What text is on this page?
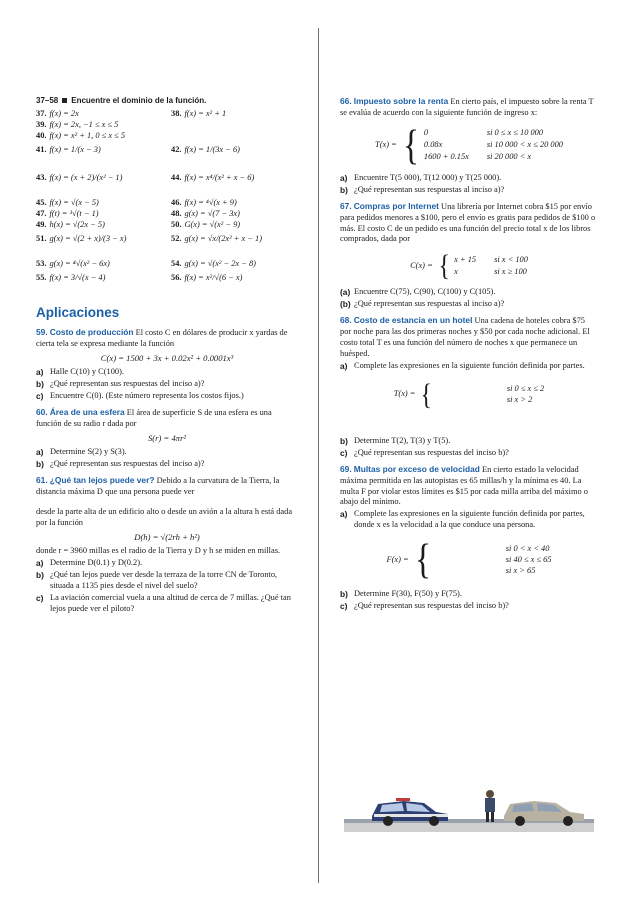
37–58 Encuentre el dominio de la función.

37. f(x) = 2x	38. f(x) = x² + 1
39. f(x) = 2x, −1 ≤ x ≤ 5
40. f(x) = x² + 1, 0 ≤ x ≤ 5
41. f(x) = 1/(x − 3)	42. f(x) = 1/(3x − 6)
43. f(x) = (x + 2)/(x² − 1)	44. f(x) = x⁴/(x² + x − 6)
45. f(x) = √(x − 5)	46. f(x) = ⁴√(x + 9)
47. f(t) = ³√(t − 1)	48. g(x) = √(7 − 3x)
49. h(x) = √(2x − 5)	50. G(x) = √(x² − 9)
51. g(x) = √(2 + x)/(3 − x)	52. g(x) = √x/(2x² + x − 1)
53. g(x) = ⁴√(x² − 6x)	54. g(x) = √(x² − 2x − 8)
55. f(x) = 3/√(x − 4)	56. f(x) = x²/√(6 − x)
Aplicaciones

59. Costo de producción El costo C en dólares de producir x yardas de cierta tela se expresa mediante la función

C(x) = 1500 + 3x + 0.02x² + 0.0001x³
a) Halle C(10) y C(100).
b) ¿Qué representan sus respuestas del inciso a)?
c) Encuentre C(0). (Este número representa los costos fijos.)

60. Área de una esfera El área de superficie S de una esfera es una función de su radio r dada por

S(r) = 4πr²
a) Determine S(2) y S(3).
b) ¿Qué representan sus respuestas del inciso a)?

61. ¿Qué tan lejos puede ver? Debido a la curvatura de la Tierra, la distancia máxima D que una persona puede ver

desde la parte alta de un edificio alto o desde un avión a la altura h está dada por la función

D(h) = √(2rh + h²)

donde r = 3960 millas es el radio de la Tierra y D y h se miden en millas.

a) Determine D(0.1) y D(0.2).
b) ¿Qué tan lejos puede ver desde la terraza de la torre CN de Toronto, situada a 1135 pies desde el nivel del suelo?
c) La aviación comercial vuela a una altitud de cerca de 7 millas. ¿Qué tan lejos puede ver el piloto?

66. Impuesto sobre la renta En cierto país, el impuesto sobre la renta T se evalúa de acuerdo con la siguiente función de ingreso x:

T(x) = { 0	si 0 ≤ x ≤ 10 000
0.08x	si 10 000 < x ≤ 20 000
1600 + 0.15x si 20 000 < x
a) Encuentre T(5 000), T(12 000) y T(25 000).
b) ¿Qué representan sus respuestas al inciso a)?

67. Compras por Internet Una librería por Internet cobra $15 por envío para pedidos menores a $100, pero el envío es gratis para pedidos de $100 o más. El costo C de un pedido es una función del precio total x de los libros comprados, dada por

C(x) = { x + 15 si x < 100
x	si x ≥ 100
(a) Encuentre C(75), C(90), C(100) y C(105).
(b) ¿Qué representan sus respuestas al inciso a)?

68. Costo de estancia en un hotel Una cadena de hoteles cobra $75 por noche para las dos primeras noches y $50 por cada noche adicional. El costo total T es una función del número de noches x que permanece un huésped.

a) Complete las expresiones en la siguiente función definida por partes.
T(x) = {	si 0 ≤ x ≤ 2
si x > 2
b) Determine T(2), T(3) y T(5).
c) ¿Qué representan sus respuestas del inciso b)?

69. Multas por exceso de velocidad En cierto estado la velocidad máxima permitida en las autopistas es 65 millas/h y la mínima es 40. La multa F por violar estos límites es $15 por cada milla arriba del máximo o abajo del mínimo.

a) Complete las expresiones en la siguiente función definida por partes, donde x es la velocidad a la que conduce una persona.
F(x) = {	si 0 < x < 40
si 40 ≤ x ≤ 65
si x > 65
b) Determine F(30), F(50) y F(75).
c) ¿Qué representan sus respuestas del inciso b)?
